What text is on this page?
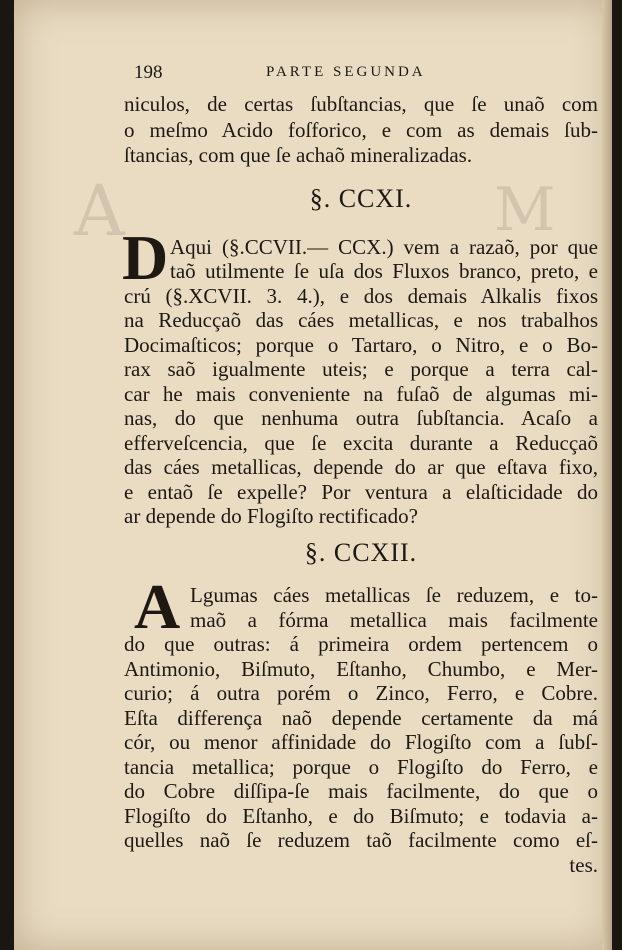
A	M
198	PARTE SEGUNDA
niculos, de certas ſubſtancias, que ſe unaõ com
o meſmo Acido foſforico, e com as demais ſub-
ſtancias, com que ſe achaõ mineralizadas.
§. CCXI.
D Aqui (§.CCVII.— CCX.) vem a razaõ, por que
taõ utilmente ſe uſa dos Fluxos branco, preto, e
crú (§.XCVII. 3. 4.), e dos demais Alkalis fixos
na Reducçaõ das cáes metallicas, e nos trabalhos
Docimaſticos; porque o Tartaro, o Nitro, e o Bo-
rax saõ igualmente uteis; e porque a terra cal-
car he mais conveniente na fuſaõ de algumas mi-
nas, do que nenhuma outra ſubſtancia. Acaſo a
efferveſcencia, que ſe excita durante a Reducçaõ
das cáes metallicas, depende do ar que eſtava fixo,
e entaõ ſe expelle? Por ventura a elaſticidade do
ar depende do Flogiſto rectificado?
§. CCXII.
A Lgumas cáes metallicas ſe reduzem, e to-
maõ a fórma metallica mais facilmente
do que outras: á primeira ordem pertencem o
Antimonio, Biſmuto, Eſtanho, Chumbo, e Mer-
curio; á outra porém o Zinco, Ferro, e Cobre.
Eſta differença naõ depende certamente da má
cór, ou menor affinidade do Flogiſto com a ſubſ-
tancia metallica; porque o Flogiſto do Ferro, e
do Cobre diſſipa-ſe mais facilmente, do que o
Flogiſto do Eſtanho, e do Biſmuto; e todavia a-
quelles naõ ſe reduzem taõ facilmente como eſ-
tes.
